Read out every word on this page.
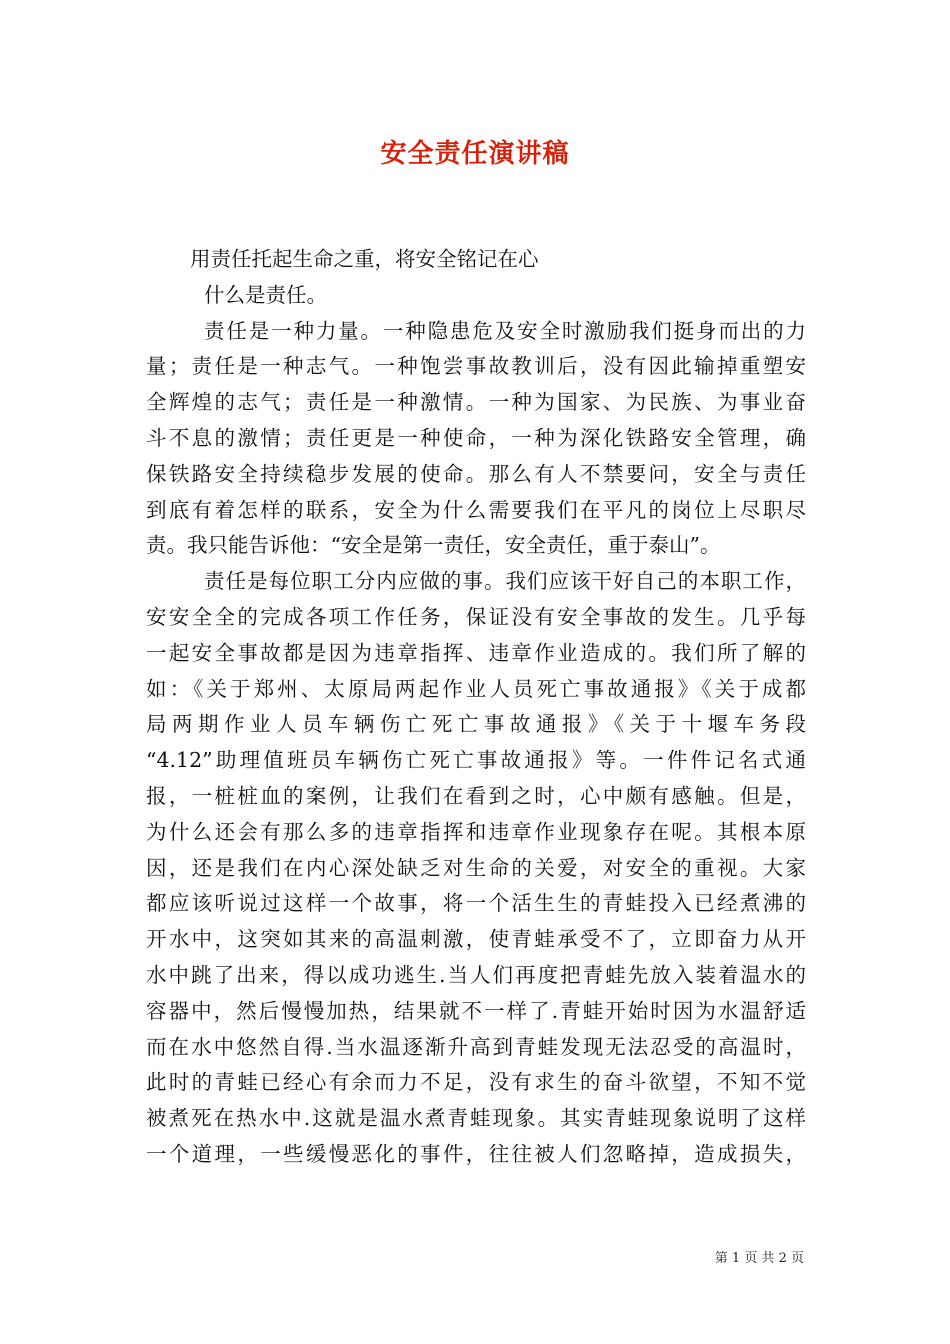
安全责任演讲稿
用责任托起生命之重，将安全铭记在心
什么是责任。
责任是一种力量。一种隐患危及安全时激励我们挺身而出的力
量；责任是一种志气。一种饱尝事故教训后，没有因此输掉重塑安
全辉煌的志气；责任是一种激情。一种为国家、为民族、为事业奋
斗不息的激情；责任更是一种使命，一种为深化铁路安全管理，确
保铁路安全持续稳步发展的使命。那么有人不禁要问，安全与责任
到底有着怎样的联系，安全为什么需要我们在平凡的岗位上尽职尽
责。我只能告诉他：“安全是第一责任，安全责任，重于泰山”。
责任是每位职工分内应做的事。我们应该干好自己的本职工作，
安安全全的完成各项工作任务，保证没有安全事故的发生。几乎每
一起安全事故都是因为违章指挥、违章作业造成的。我们所了解的
如：《关于郑州、太原局两起作业人员死亡事故通报》《关于成都
局两期作业人员车辆伤亡死亡事故通报》《关于十堰车务段
“4.12”助理值班员车辆伤亡死亡事故通报》等。一件件记名式通
报，一桩桩血的案例，让我们在看到之时，心中颇有感触。但是，
为什么还会有那么多的违章指挥和违章作业现象存在呢。其根本原
因，还是我们在内心深处缺乏对生命的关爱，对安全的重视。大家
都应该听说过这样一个故事，将一个活生生的青蛙投入已经煮沸的
开水中，这突如其来的高温刺激，使青蛙承受不了，立即奋力从开
水中跳了出来，得以成功逃生.当人们再度把青蛙先放入装着温水的
容器中，然后慢慢加热，结果就不一样了.青蛙开始时因为水温舒适
而在水中悠然自得.当水温逐渐升高到青蛙发现无法忍受的高温时，
此时的青蛙已经心有余而力不足，没有求生的奋斗欲望，不知不觉
被煮死在热水中.这就是温水煮青蛙现象。其实青蛙现象说明了这样
一个道理，一些缓慢恶化的事件，往往被人们忽略掉，造成损失，
第 1 页 共 2 页
